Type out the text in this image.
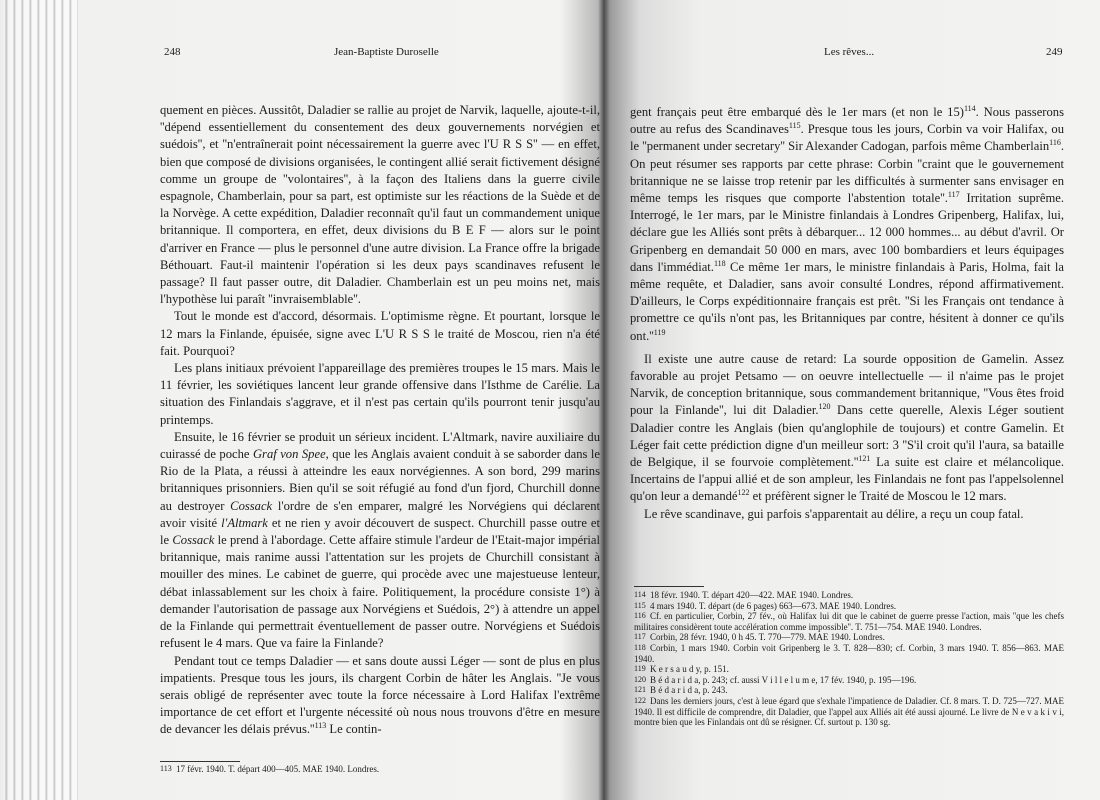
248	Jean-Baptiste Duroselle

quement en pièces. Aussitôt, Daladier se rallie au projet de Narvik, laquelle, ajoute-t-il, ''dépend essentiellement du consentement des deux gouvernements norvégien et suédois'', et ''n'entraînerait point nécessairement la guerre avec l'U R S S'' — en effet, bien que composé de divisions organisées, le contingent allié serait fictivement désigné comme un groupe de ''volontaires'', à la façon des Italiens dans la guerre civile espagnole, Chamberlain, pour sa part, est optimiste sur les réactions de la Suède et de la Norvège. A cette expédition, Daladier reconnaît qu'il faut un commandement unique britannique. Il comportera, en effet, deux divisions du B E F — alors sur le point d'arriver en France — plus le personnel d'une autre division. La France offre la brigade Béthouart. Faut-il maintenir l'opération si les deux pays scandinaves refusent le passage? Il faut passer outre, dit Daladier. Chamberlain est un peu moins net, mais l'hypothèse lui paraît ''invraisemblable''.

Tout le monde est d'accord, désormais. L'optimisme règne. Et pourtant, lorsque le 12 mars la Finlande, épuisée, signe avec L'U R S S le traité de Moscou, rien n'a été fait. Pourquoi?

Les plans initiaux prévoient l'appareillage des premières troupes le 15 mars. Mais le 11 février, les soviétiques lancent leur grande offensive dans l'Isthme de Carélie. La situation des Finlandais s'aggrave, et il n'est pas certain qu'ils pourront tenir jusqu'au printemps.

Ensuite, le 16 février se produit un sérieux incident. L'Altmark, navire auxiliaire du cuirassé de poche Graf von Spee, que les Anglais avaient conduit à se saborder dans le Rio de la Plata, a réussi à atteindre les eaux norvégiennes. A son bord, 299 marins britanniques prisonniers. Bien qu'il se soit réfugié au fond d'un fjord, Churchill donne au destroyer Cossack l'ordre de s'en emparer, malgré les Norvégiens qui déclarent avoir visité l'Altmark et ne rien y avoir découvert de suspect. Churchill passe outre et le Cossack le prend à l'abordage. Cette affaire stimule l'ardeur de l'Etait-major impérial britannique, mais ranime aussi l'attentation sur les projets de Churchill consistant à mouiller des mines. Le cabinet de guerre, qui procède avec une majestueuse lenteur, débat inlassablement sur les choix à faire. Politiquement, la procédure consiste 1°) à demander l'autorisation de passage aux Norvégiens et Suédois, 2°) à attendre un appel de la Finlande qui permettrait éventuellement de passer outre. Norvégiens et Suédois refusent le 4 mars. Que va faire la Finlande?

Pendant tout ce temps Daladier — et sans doute aussi Léger — sont de plus en plus impatients. Presque tous les jours, ils chargent Corbin de hâter les Anglais. ''Je vous serais obligé de représenter avec toute la force nécessaire à Lord Halifax l'extrême importance de cet effort et l'urgente nécessité où nous nous trouvons d'être en mesure de devancer les délais $prévus.''^{113}$ Le contin-

113 17 févr. 1940. T. départ 400—405. MAE 1940. Londres.

Les rêves...	249

gent français peut être embarqué dès le 1er mars (et non le 15)$^{114}$. Nous passerons outre au refus des Scandinaves$^{115}$. Presque tous les jours, Corbin va voir Halifax, ou le ''permanent under secretary'' Sir Alexander Cadogan, parfois même Chamberlain$^{116}$. On peut résumer ses rapports par cette phrase: Corbin ''craint que le gouvernement britannique ne se laisse trop retenir par les difficultés à surmenter sans envisager en même temps les risques que comporte l'abstention totale''.$^{117}$ Irritation suprême. Interrogé, le 1er mars, par le Ministre finlandais à Londres Gripenberg, Halifax, lui, déclare gue les Alliés sont prêts à débarquer... 12 000 hommes... au début d'avril. Or Gripenberg en demandait 50 000 en mars, avec 100 bombardiers et leurs équipages dans l'immédiat.$^{118}$ Ce même 1er mars, le ministre finlandais à Paris, Holma, fait la même requête, et Daladier, sans avoir consulté Londres, répond affirmativement. D'ailleurs, le Corps expéditionnaire français est prêt. ''Si les Français ont tendance à promettre ce qu'ils n'ont pas, les Britanniques par contre, hésitent à donner ce qu'ils $ont.''^{119}$

Il existe une autre cause de retard: La sourde opposition de Gamelin. Assez favorable au projet Petsamo — on oeuvre intellectuelle — il n'aime pas le projet Narvik, de conception britannique, sous commandement britannique, ''Vous êtes froid pour la Finlande'', lui dit Daladier.$^{120}$ Dans cette querelle, Alexis Léger soutient Daladier contre les Anglais (bien qu'anglophile de toujours) et contre Gamelin. Et Léger fait cette prédiction digne d'un meilleur sort: 3 ''S'il croit qu'il l'aura, sa bataille de Belgique, il se fourvoie $complètement.''^{121}$ La suite est claire et mélancolique. Incertains de l'appui allié et de son ampleur, les Finlandais ne font pas l'appelsolennel qu'on leur a demandé$^{122}$ et préfèrent signer le Traité de Moscou le 12 mars.

Le rêve scandinave, gui parfois s'apparentait au délire, a reçu un coup fatal.

114 18 févr. 1940. T. départ 420—422. MAE 1940. Londres.

115 4 mars 1940. T. départ (de 6 pages) 663—673. MAE 1940. Londres.

116 Cf. en particulier, Corbin, 27 fév., où Halifax lui dit que le cabinet de guerre presse l'action, mais ''que les chefs militaires considèrent toute accélération comme impossible''. T. 751—754. MAE 1940. Londres.

117 Corbin, 28 févr. 1940, 0 h 45. T. 770—779. MAE 1940. Londres.

118 Corbin, 1 mars 1940. Corbin voit Gripenberg le 3. T. 828—830; cf. Corbin, 3 mars 1940. T. 856—863. MAE 1940.

119 K e r s a u d y, p. 151.

120 B é d a r i d a, p. 243; cf. aussi V i l l e l u m e, 17 fév. 1940, p. 195—196.

121 B é d a r i d a, p. 243.

122 Dans les derniers jours, c'est à leue égard que s'exhale l'impatience de Daladier. Cf. 8 mars. T. D. 725—727. MAE 1940. Il est difficile de comprendre, dit Daladier, que l'appel aux Alliés ait été aussi ajourné. Le livre de N e v a k i v i, montre bien que les Finlandais ont dû se résigner. Cf. surtout p. 130 sg.
